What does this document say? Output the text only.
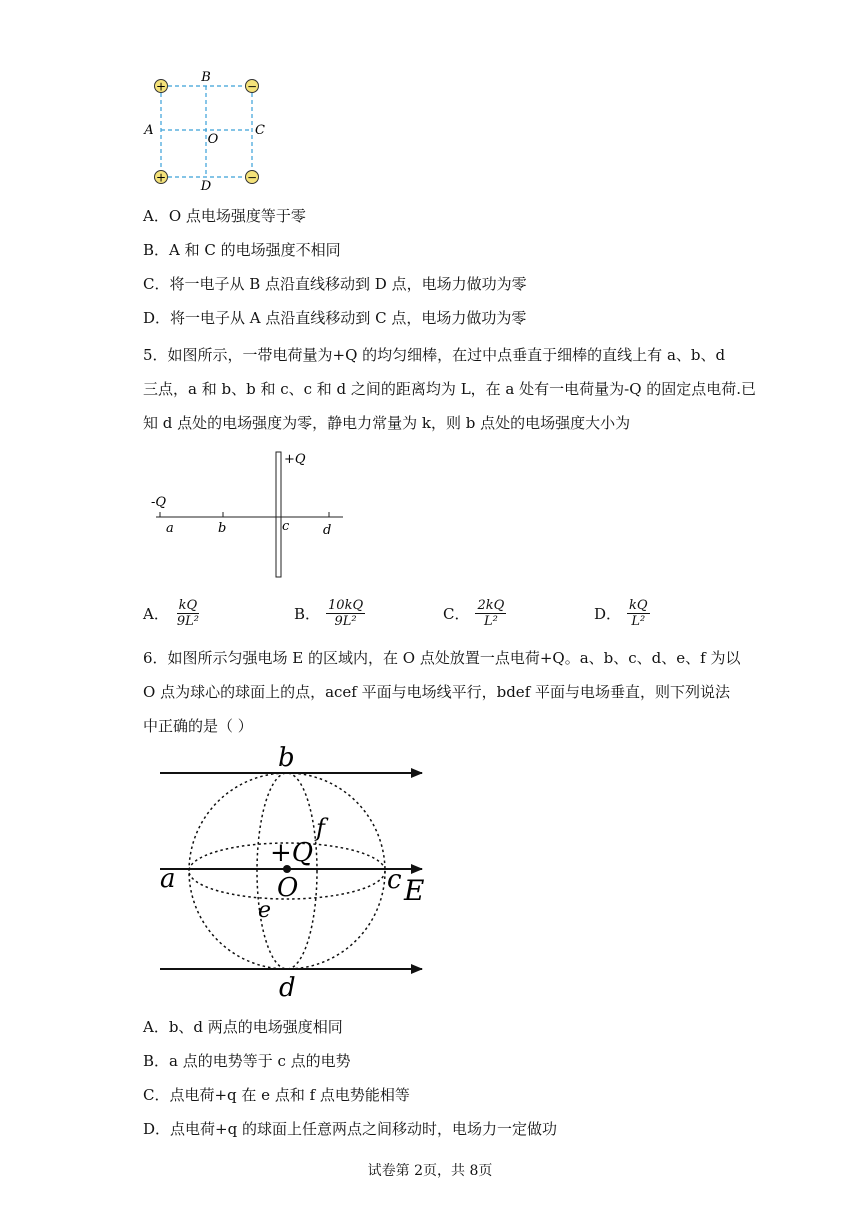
+	−
+	−
B
A
O
C
D
A．O 点电场强度等于零
B．A 和 C 的电场强度不相同
C．将一电子从 B 点沿直线移动到 D 点，电场力做功为零
D．将一电子从 A 点沿直线移动到 C 点，电场力做功为零
5．如图所示，一带电荷量为+Q 的均匀细棒，在过中点垂直于细棒的直线上有 a、b、d
三点，a 和 b、b 和 c、c 和 d 之间的距离均为 L，在 a 处有一电荷量为-Q 的固定点电荷.已
知 d 点处的电场强度为零，静电力常量为 k，则 b 点处的电场强度大小为
+Q
-Q
a	b	c	d
A． $\frac{kQ}{\text{9L²}}$	B． $\frac{10kQ}{\text{9L²}}$	C． $\frac{2kQ}{\text{L²}}$	D． $\frac{kQ}{\text{L²}}$
6．如图所示匀强电场 E 的区域内，在 O 点处放置一点电荷+Q。a、b、c、d、e、f 为以
O 点为球心的球面上的点，acef 平面与电场线平行，bdef 平面与电场垂直，则下列说法
中正确的是（ ）
b
f
+Q
a	O	c E
e
d
A．b、d 两点的电场强度相同
B．a 点的电势等于 c 点的电势
C．点电荷+q 在 e 点和 f 点电势能相等
D．点电荷+q 的球面上任意两点之间移动时，电场力一定做功
试卷第 2页，共 8页
